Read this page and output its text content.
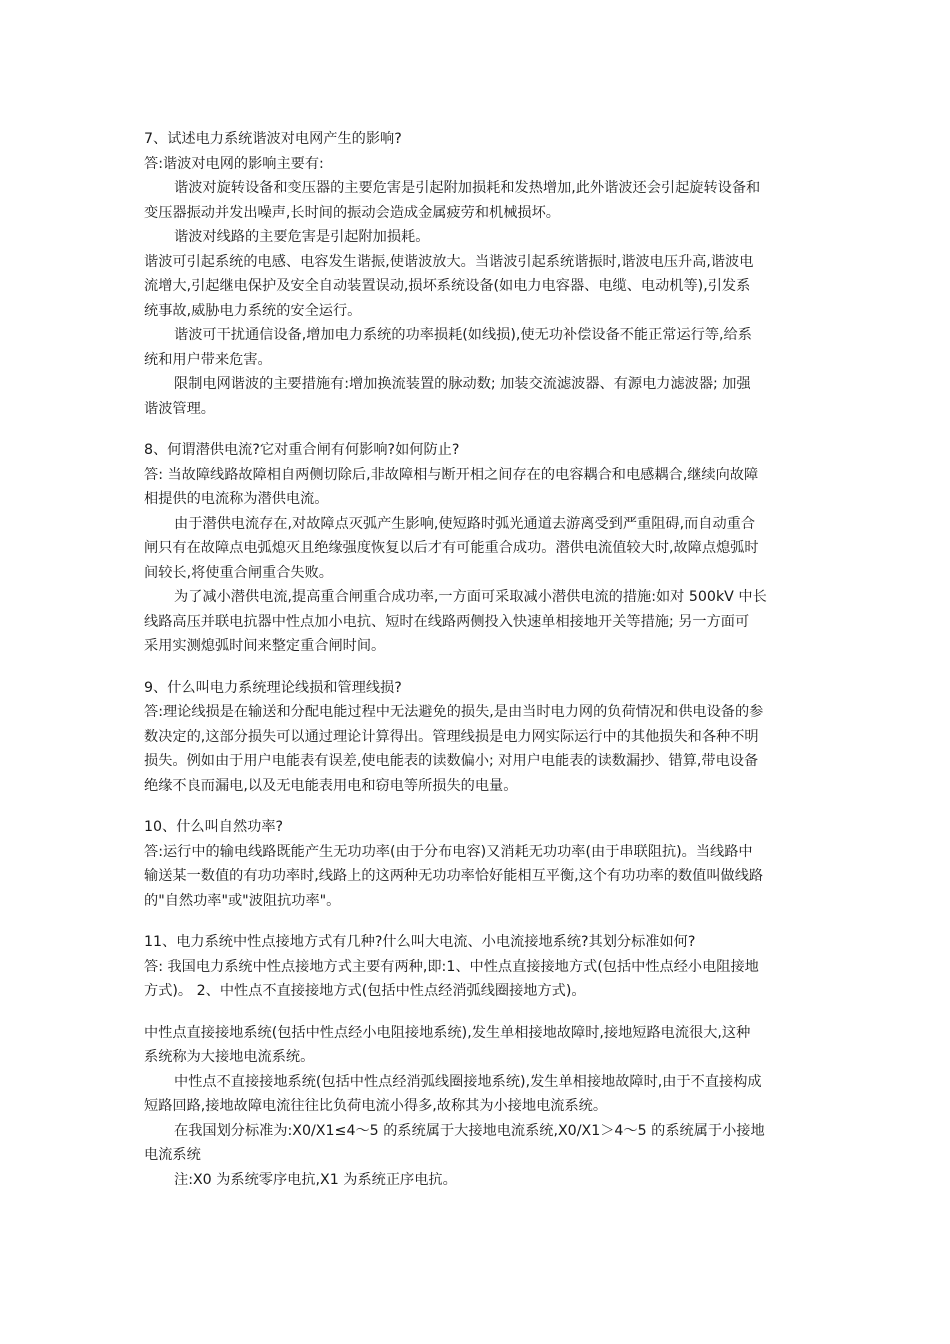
7、试述电力系统谐波对电网产生的影响?

答:谐波对电网的影响主要有:

谐波对旋转设备和变压器的主要危害是引起附加损耗和发热增加,此外谐波还会引起旋转设备和

变压器振动并发出噪声,长时间的振动会造成金属疲劳和机械损坏。

谐波对线路的主要危害是引起附加损耗。

谐波可引起系统的电感、电容发生谐振,使谐波放大。当谐波引起系统谐振时,谐波电压升高,谐波电

流增大,引起继电保护及安全自动装置误动,损坏系统设备(如电力电容器、电缆、电动机等),引发系

统事故,威胁电力系统的安全运行。

谐波可干扰通信设备,增加电力系统的功率损耗(如线损),使无功补偿设备不能正常运行等,给系

统和用户带来危害。

限制电网谐波的主要措施有:增加换流装置的脉动数; 加装交流滤波器、有源电力滤波器; 加强

谐波管理。

8、何谓潜供电流?它对重合闸有何影响?如何防止?

答: 当故障线路故障相自两侧切除后,非故障相与断开相之间存在的电容耦合和电感耦合,继续向故障

相提供的电流称为潜供电流。

由于潜供电流存在,对故障点灭弧产生影响,使短路时弧光通道去游离受到严重阻碍,而自动重合

闸只有在故障点电弧熄灭且绝缘强度恢复以后才有可能重合成功。潜供电流值较大时,故障点熄弧时

间较长,将使重合闸重合失败。

为了减小潜供电流,提高重合闸重合成功率,一方面可采取减小潜供电流的措施:如对 500kV 中长

线路高压并联电抗器中性点加小电抗、短时在线路两侧投入快速单相接地开关等措施; 另一方面可

采用实测熄弧时间来整定重合闸时间。

9、什么叫电力系统理论线损和管理线损?

答:理论线损是在输送和分配电能过程中无法避免的损失,是由当时电力网的负荷情况和供电设备的参

数决定的,这部分损失可以通过理论计算得出。管理线损是电力网实际运行中的其他损失和各种不明

损失。例如由于用户电能表有误差,使电能表的读数偏小; 对用户电能表的读数漏抄、错算,带电设备

绝缘不良而漏电,以及无电能表用电和窃电等所损失的电量。

10、什么叫自然功率?

答:运行中的输电线路既能产生无功功率(由于分布电容)又消耗无功功率(由于串联阻抗)。当线路中

输送某一数值的有功功率时,线路上的这两种无功功率恰好能相互平衡,这个有功功率的数值叫做线路

的"自然功率"或"波阻抗功率"。

11、电力系统中性点接地方式有几种?什么叫大电流、小电流接地系统?其划分标准如何?

答: 我国电力系统中性点接地方式主要有两种,即:1、中性点直接接地方式(包括中性点经小电阻接地

方式)。 2、中性点不直接接地方式(包括中性点经消弧线圈接地方式)。

中性点直接接地系统(包括中性点经小电阻接地系统),发生单相接地故障时,接地短路电流很大,这种

系统称为大接地电流系统。

中性点不直接接地系统(包括中性点经消弧线圈接地系统),发生单相接地故障时,由于不直接构成

短路回路,接地故障电流往往比负荷电流小得多,故称其为小接地电流系统。

在我国划分标准为:X0/X1≤4～5 的系统属于大接地电流系统,X0/X1＞4～5 的系统属于小接地

电流系统

注:X0 为系统零序电抗,X1 为系统正序电抗。
